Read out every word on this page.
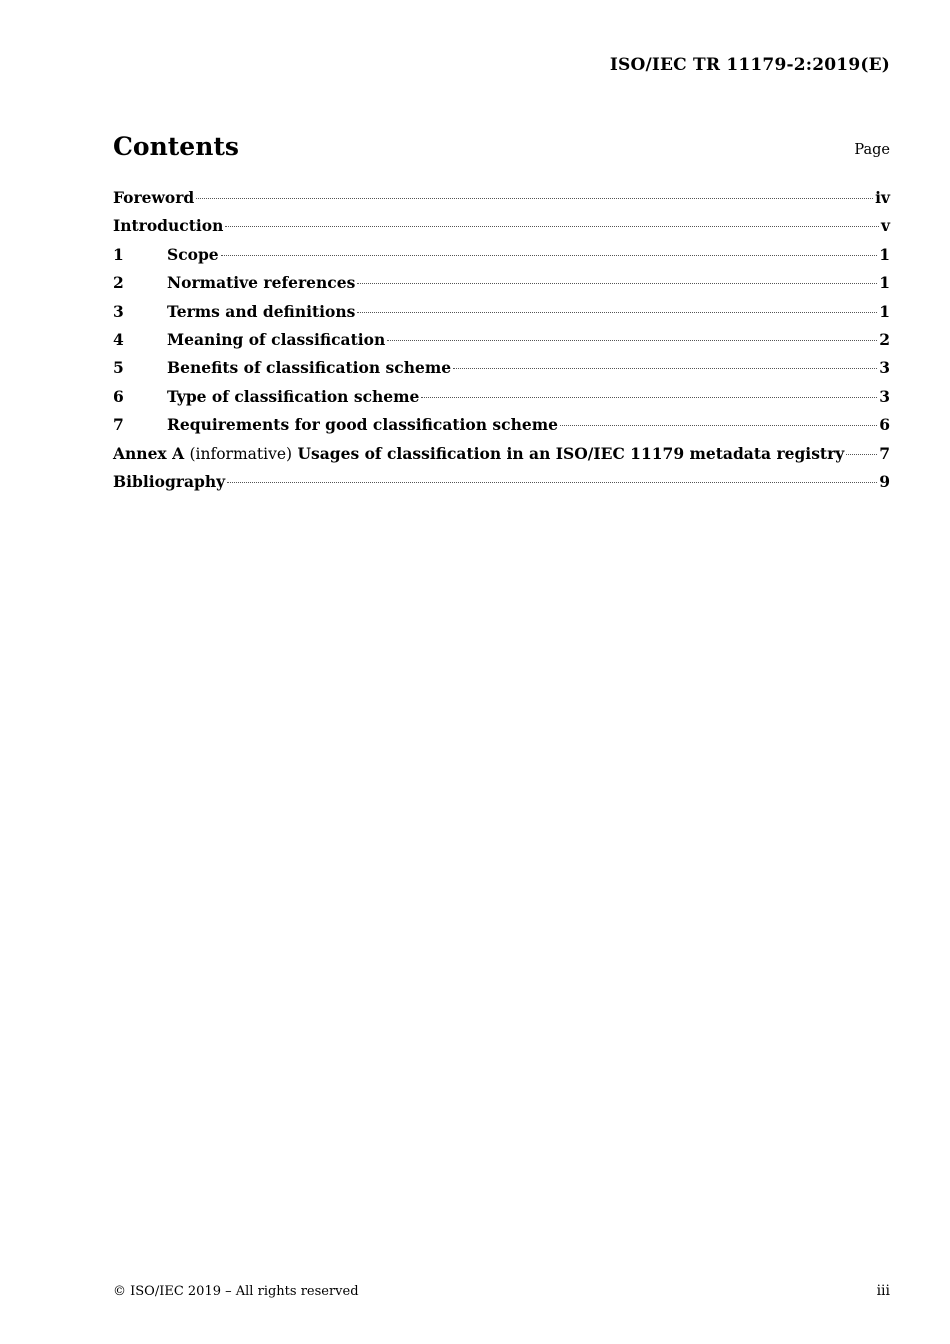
ISO/IEC TR 11179-2:2019(E)
Contents	Page
Foreword	iv
Introduction	v
1	Scope	1
2	Normative references	1
3	Terms and definitions	1
4	Meaning of classification	2
5	Benefits of classification scheme	3
6	Type of classification scheme	3
7	Requirements for good classification scheme	6
Annex A (informative) Usages of classification in an ISO/IEC 11179 metadata registry 7
Bibliography	9
© ISO/IEC 2019 – All rights reserved	iii
